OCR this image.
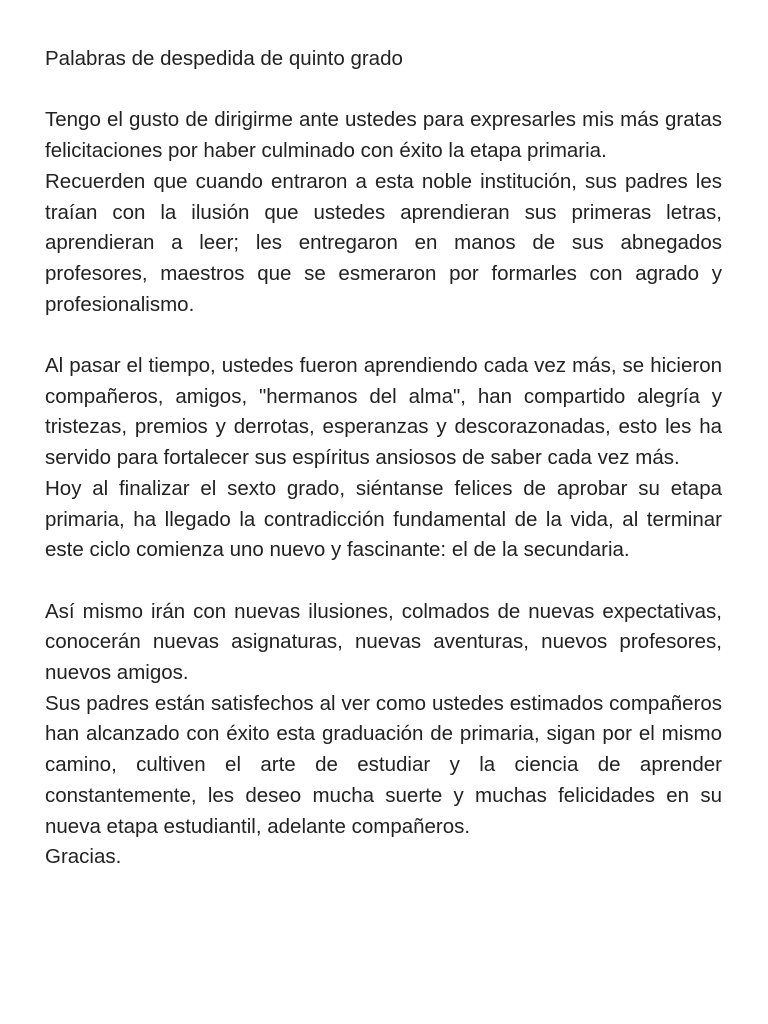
Palabras de despedida de quinto grado

Tengo el gusto de dirigirme ante ustedes para expresarles mis más gratas felicitaciones por haber culminado con éxito la etapa primaria.

Recuerden que cuando entraron a esta noble institución, sus padres les traían con la ilusión que ustedes aprendieran sus primeras letras, aprendieran a leer; les entregaron en manos de sus abnegados profesores, maestros que se esmeraron por formarles con agrado y profesionalismo.

Al pasar el tiempo, ustedes fueron aprendiendo cada vez más, se hicieron compañeros, amigos, "hermanos del alma", han compartido alegría y tristezas, premios y derrotas, esperanzas y descorazonadas, esto les ha servido para fortalecer sus espíritus ansiosos de saber cada vez más.

Hoy al finalizar el sexto grado, siéntanse felices de aprobar su etapa primaria, ha llegado la contradicción fundamental de la vida, al terminar este ciclo comienza uno nuevo y fascinante: el de la secundaria.

Así mismo irán con nuevas ilusiones, colmados de nuevas expectativas, conocerán nuevas asignaturas, nuevas aventuras, nuevos profesores, nuevos amigos.

Sus padres están satisfechos al ver como ustedes estimados compañeros han alcanzado con éxito esta graduación de primaria, sigan por el mismo camino, cultiven el arte de estudiar y la ciencia de aprender constantemente, les deseo mucha suerte y muchas felicidades en su nueva etapa estudiantil, adelante compañeros.

Gracias.
